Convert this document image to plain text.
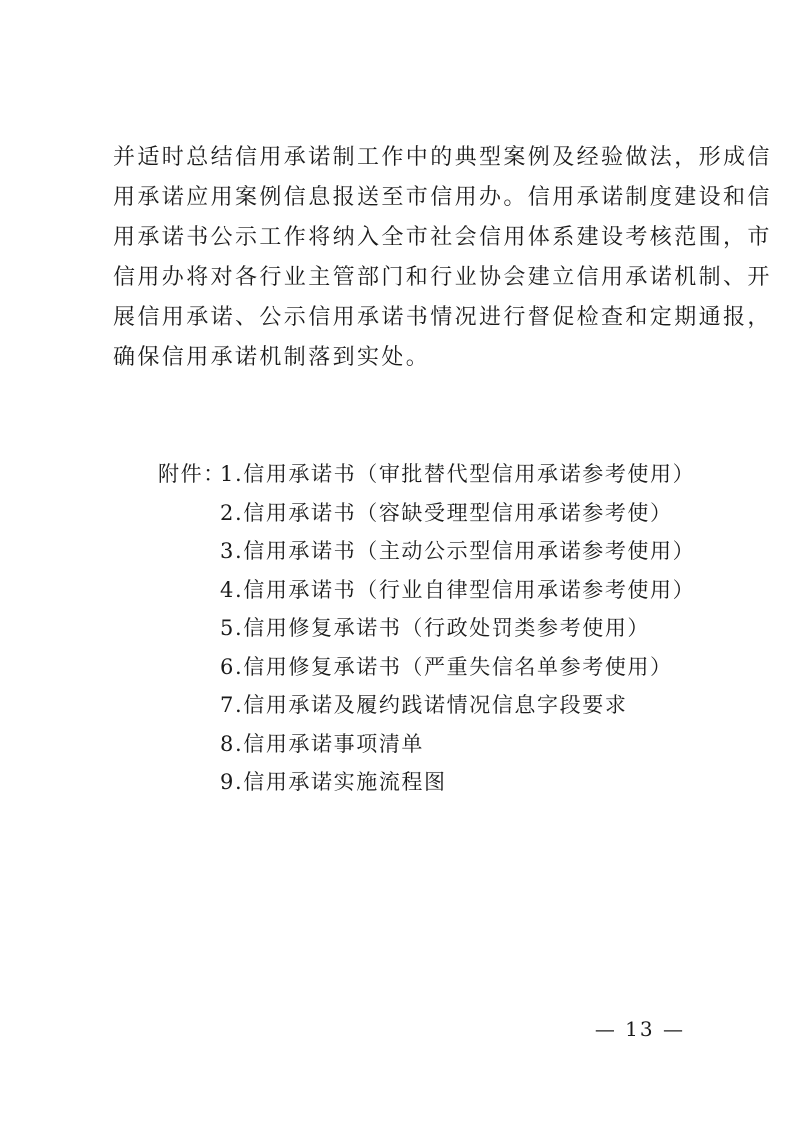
并适时总结信用承诺制工作中的典型案例及经验做法，形成信
用承诺应用案例信息报送至市信用办。信用承诺制度建设和信
用承诺书公示工作将纳入全市社会信用体系建设考核范围，市
信用办将对各行业主管部门和行业协会建立信用承诺机制、开
展信用承诺、公示信用承诺书情况进行督促检查和定期通报，
确保信用承诺机制落到实处。
附件：
1.信用承诺书（审批替代型信用承诺参考使用）
2.信用承诺书（容缺受理型信用承诺参考使）
3.信用承诺书（主动公示型信用承诺参考使用）
4.信用承诺书（行业自律型信用承诺参考使用）
5.信用修复承诺书（行政处罚类参考使用）
6.信用修复承诺书（严重失信名单参考使用）
7.信用承诺及履约践诺情况信息字段要求
8.信用承诺事项清单
9.信用承诺实施流程图
— 13 —
